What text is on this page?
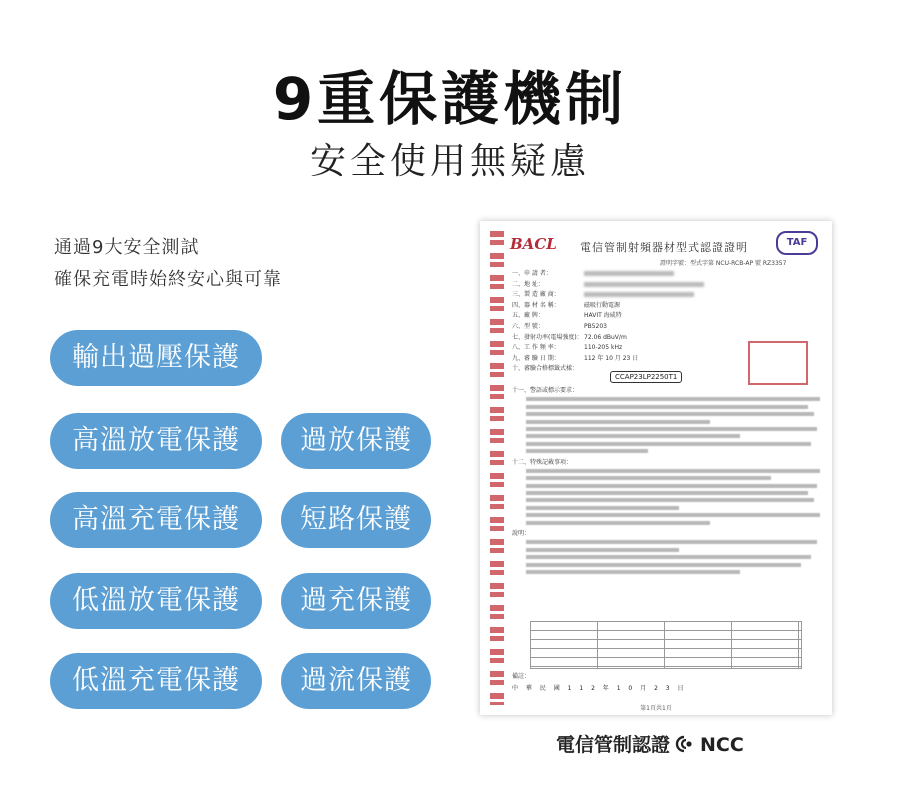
9重保護機制
安全使用無疑慮
通過9大安全測試
確保充電時始終安心與可靠
輸出過壓保護
高溫放電保護	過放保護
高溫充電保護	短路保護
低溫放電保護	過充保護
低溫充電保護	過流保護
BACL 電信管制射頻器材型式認證證明	TAF
證明字號：型式字第 NCU-RCB-AP 號 RZ3357
一、申 請 者：
二、地 址：
三、製 造 廠 商：
四、器 材 名 稱：	磁吸行動電源
五、廠 牌：	HAVIT 海威特
六、型 號：	PB5203
七、發射功率(電場強度)：72.06 dBuV/m
八、工 作 頻 率：	110-205 kHz
九、審 驗 日 期：	112 年 10 月 23 日
十、審驗合格標籤式樣：
CCAP23LP2250T1
十一、警語或標示要求：
十二、特殊記載事項：
說明：
備註：
中 華 民 國 1 1 2 年 1 0 月 2 3 日
第1頁共1頁
電信管制認證 NCC
